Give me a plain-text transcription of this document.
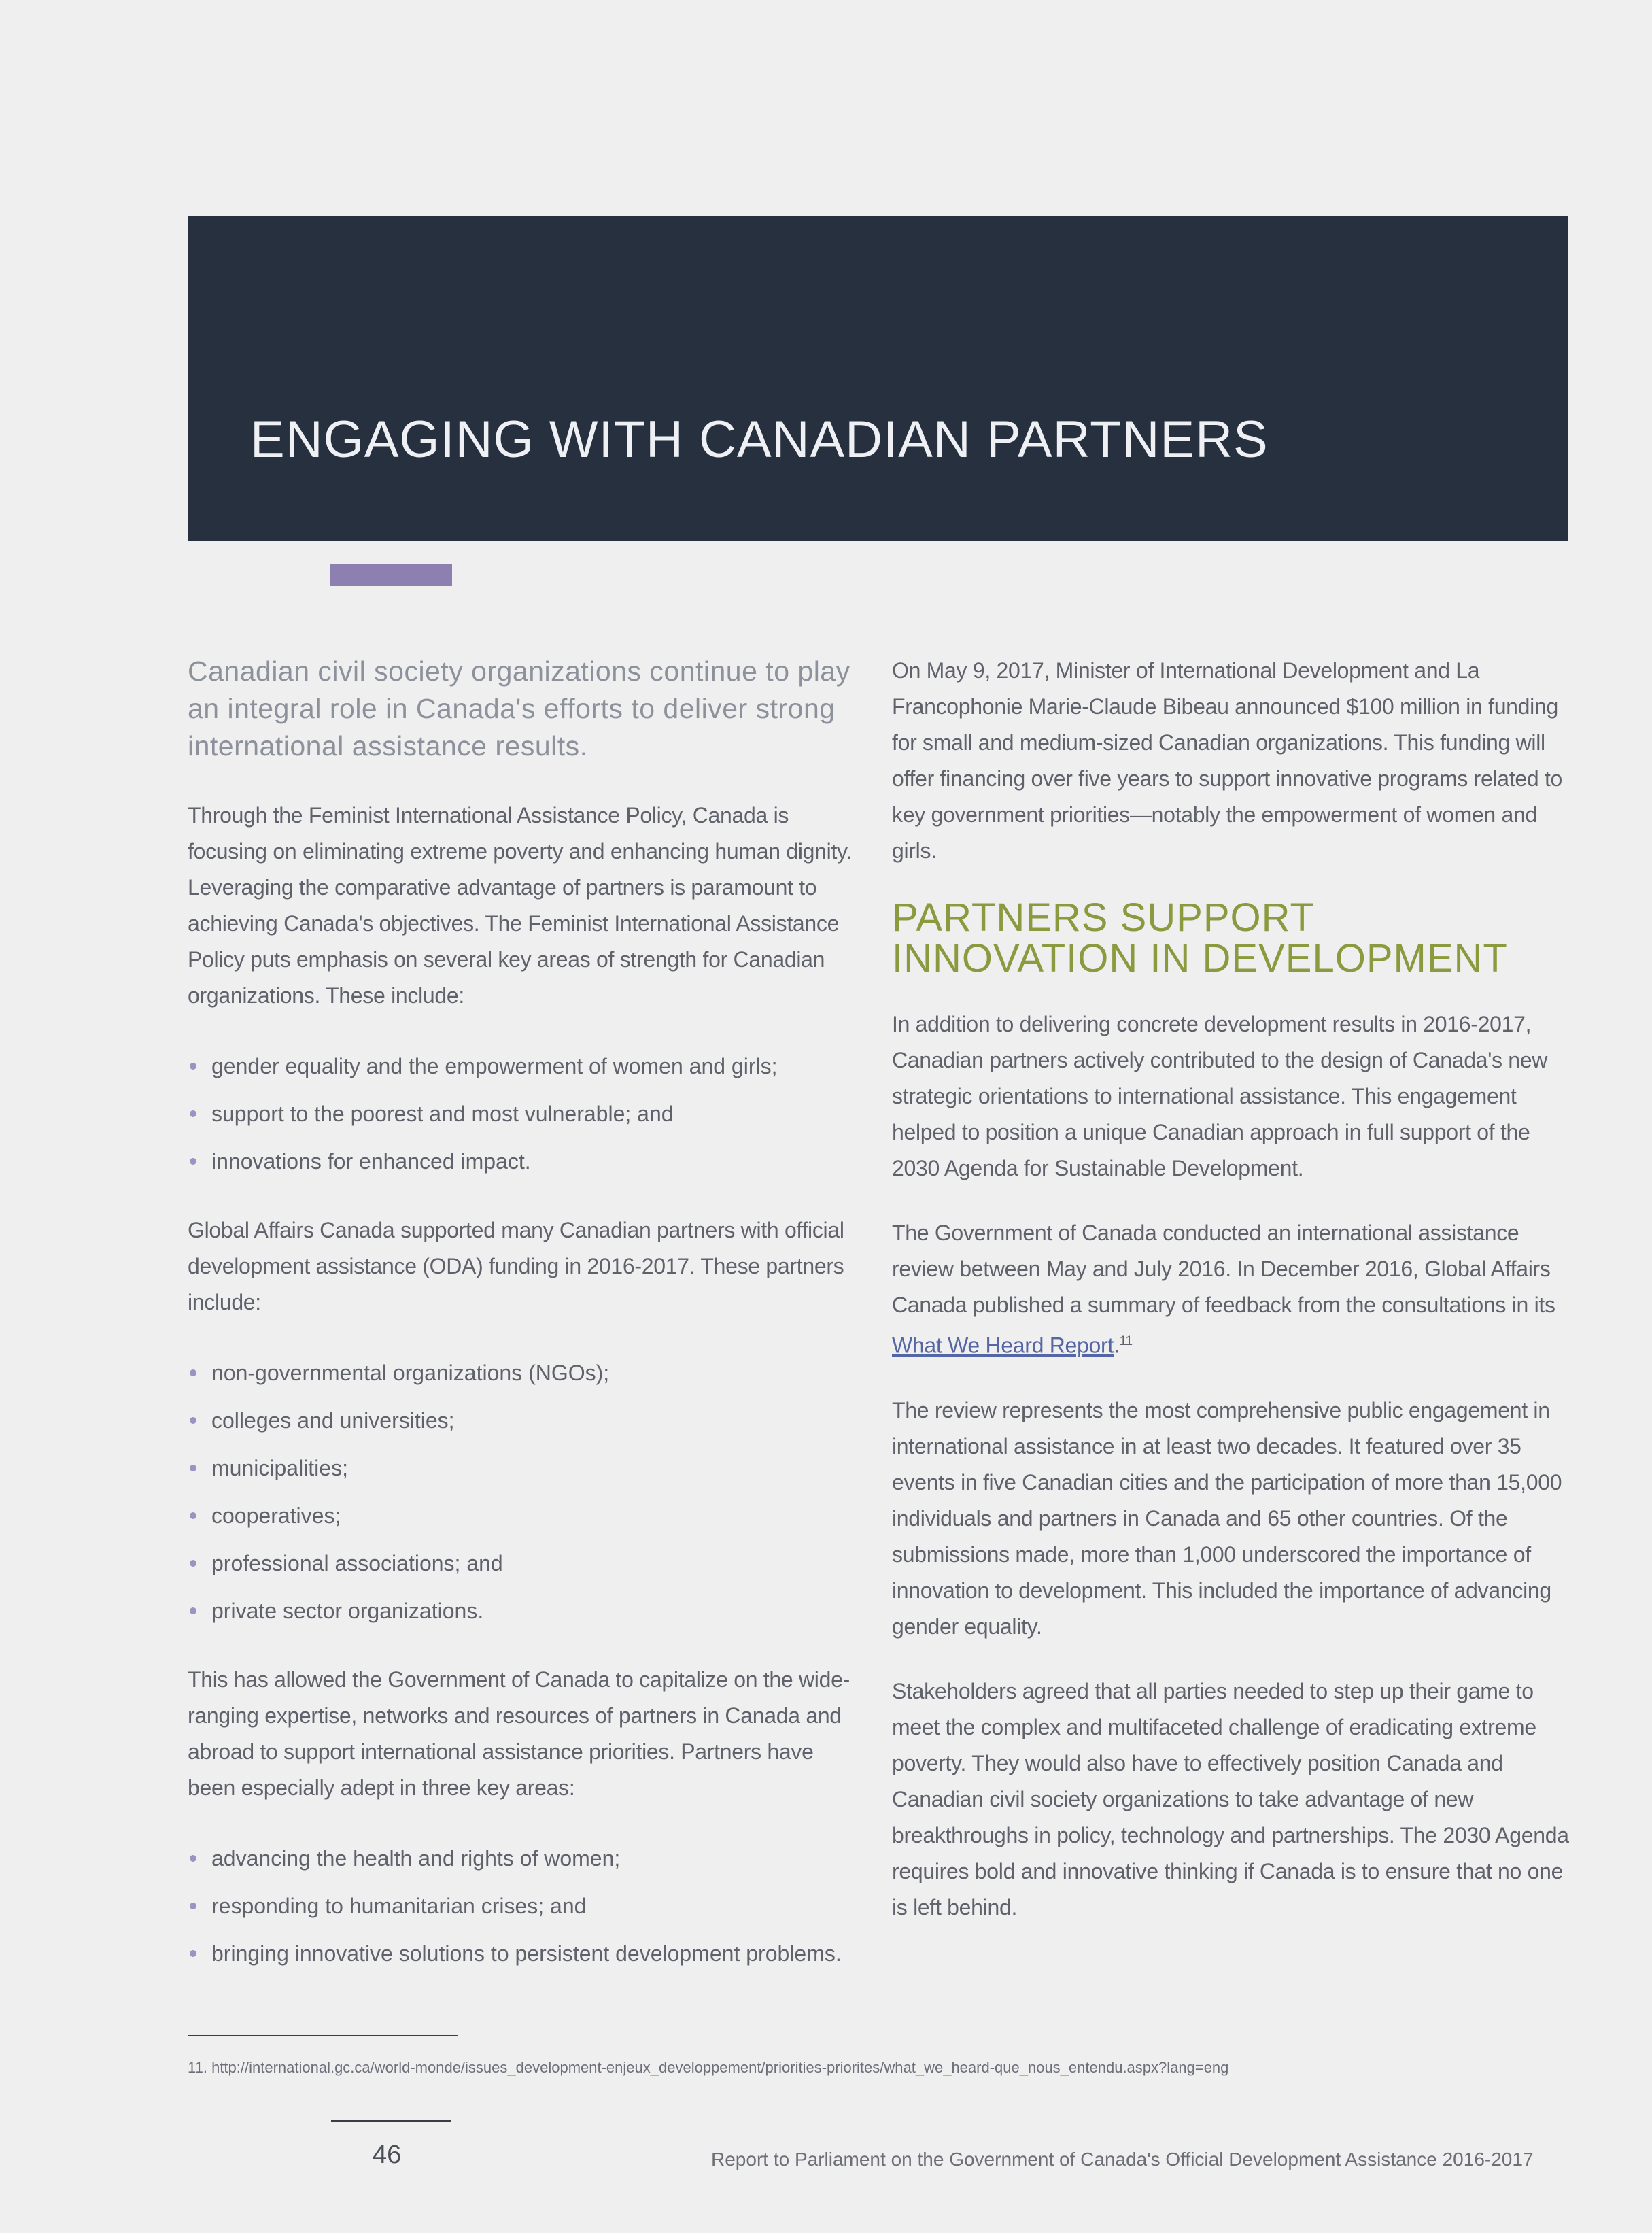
ENGAGING WITH CANADIAN PARTNERS

Canadian civil society organizations continue to play an integral role in Canada's efforts to deliver strong international assistance results.

Through the Feminist International Assistance Policy, Canada is focusing on eliminating extreme poverty and enhancing human dignity. Leveraging the comparative advantage of partners is paramount to achieving Canada's objectives. The Feminist International Assistance Policy puts emphasis on several key areas of strength for Canadian organizations. These include:

gender equality and the empowerment of women and girls;
support to the poorest and most vulnerable; and
innovations for enhanced impact.

Global Affairs Canada supported many Canadian partners with official development assistance (ODA) funding in 2016-2017. These partners include:

non-governmental organizations (NGOs);
colleges and universities;
municipalities;
cooperatives;
professional associations; and
private sector organizations.

This has allowed the Government of Canada to capitalize on the wide-ranging expertise, networks and resources of partners in Canada and abroad to support international assistance priorities. Partners have been especially adept in three key areas:

advancing the health and rights of women;
responding to humanitarian crises; and
bringing innovative solutions to persistent development problems.

On May 9, 2017, Minister of International Development and La Francophonie Marie-Claude Bibeau announced $100 million in funding for small and medium-sized Canadian organizations. This funding will offer financing over five years to support innovative programs related to key government priorities—notably the empowerment of women and girls.

PARTNERS SUPPORT
INNOVATION IN DEVELOPMENT

In addition to delivering concrete development results in 2016-2017, Canadian partners actively contributed to the design of Canada's new strategic orientations to international assistance. This engagement helped to position a unique Canadian approach in full support of the 2030 Agenda for Sustainable Development.

The Government of Canada conducted an international assistance review between May and July 2016. In December 2016, Global Affairs Canada published a summary of feedback from the consultations in its What We Heard Report.$^{11}$

The review represents the most comprehensive public engagement in international assistance in at least two decades. It featured over 35 events in five Canadian cities and the participation of more than 15,000 individuals and partners in Canada and 65 other countries. Of the submissions made, more than 1,000 underscored the importance of innovation to development. This included the importance of advancing gender equality.

Stakeholders agreed that all parties needed to step up their game to meet the complex and multifaceted challenge of eradicating extreme poverty. They would also have to effectively position Canada and Canadian civil society organizations to take advantage of new breakthroughs in policy, technology and partnerships. The 2030 Agenda requires bold and innovative thinking if Canada is to ensure that no one is left behind.

11. http://international.gc.ca/world-monde/issues_development-enjeux_developpement/priorities-priorites/what_we_heard-que_nous_entendu.aspx?lang=eng
46	Report to Parliament on the Government of Canada's Official Development Assistance 2016-2017
